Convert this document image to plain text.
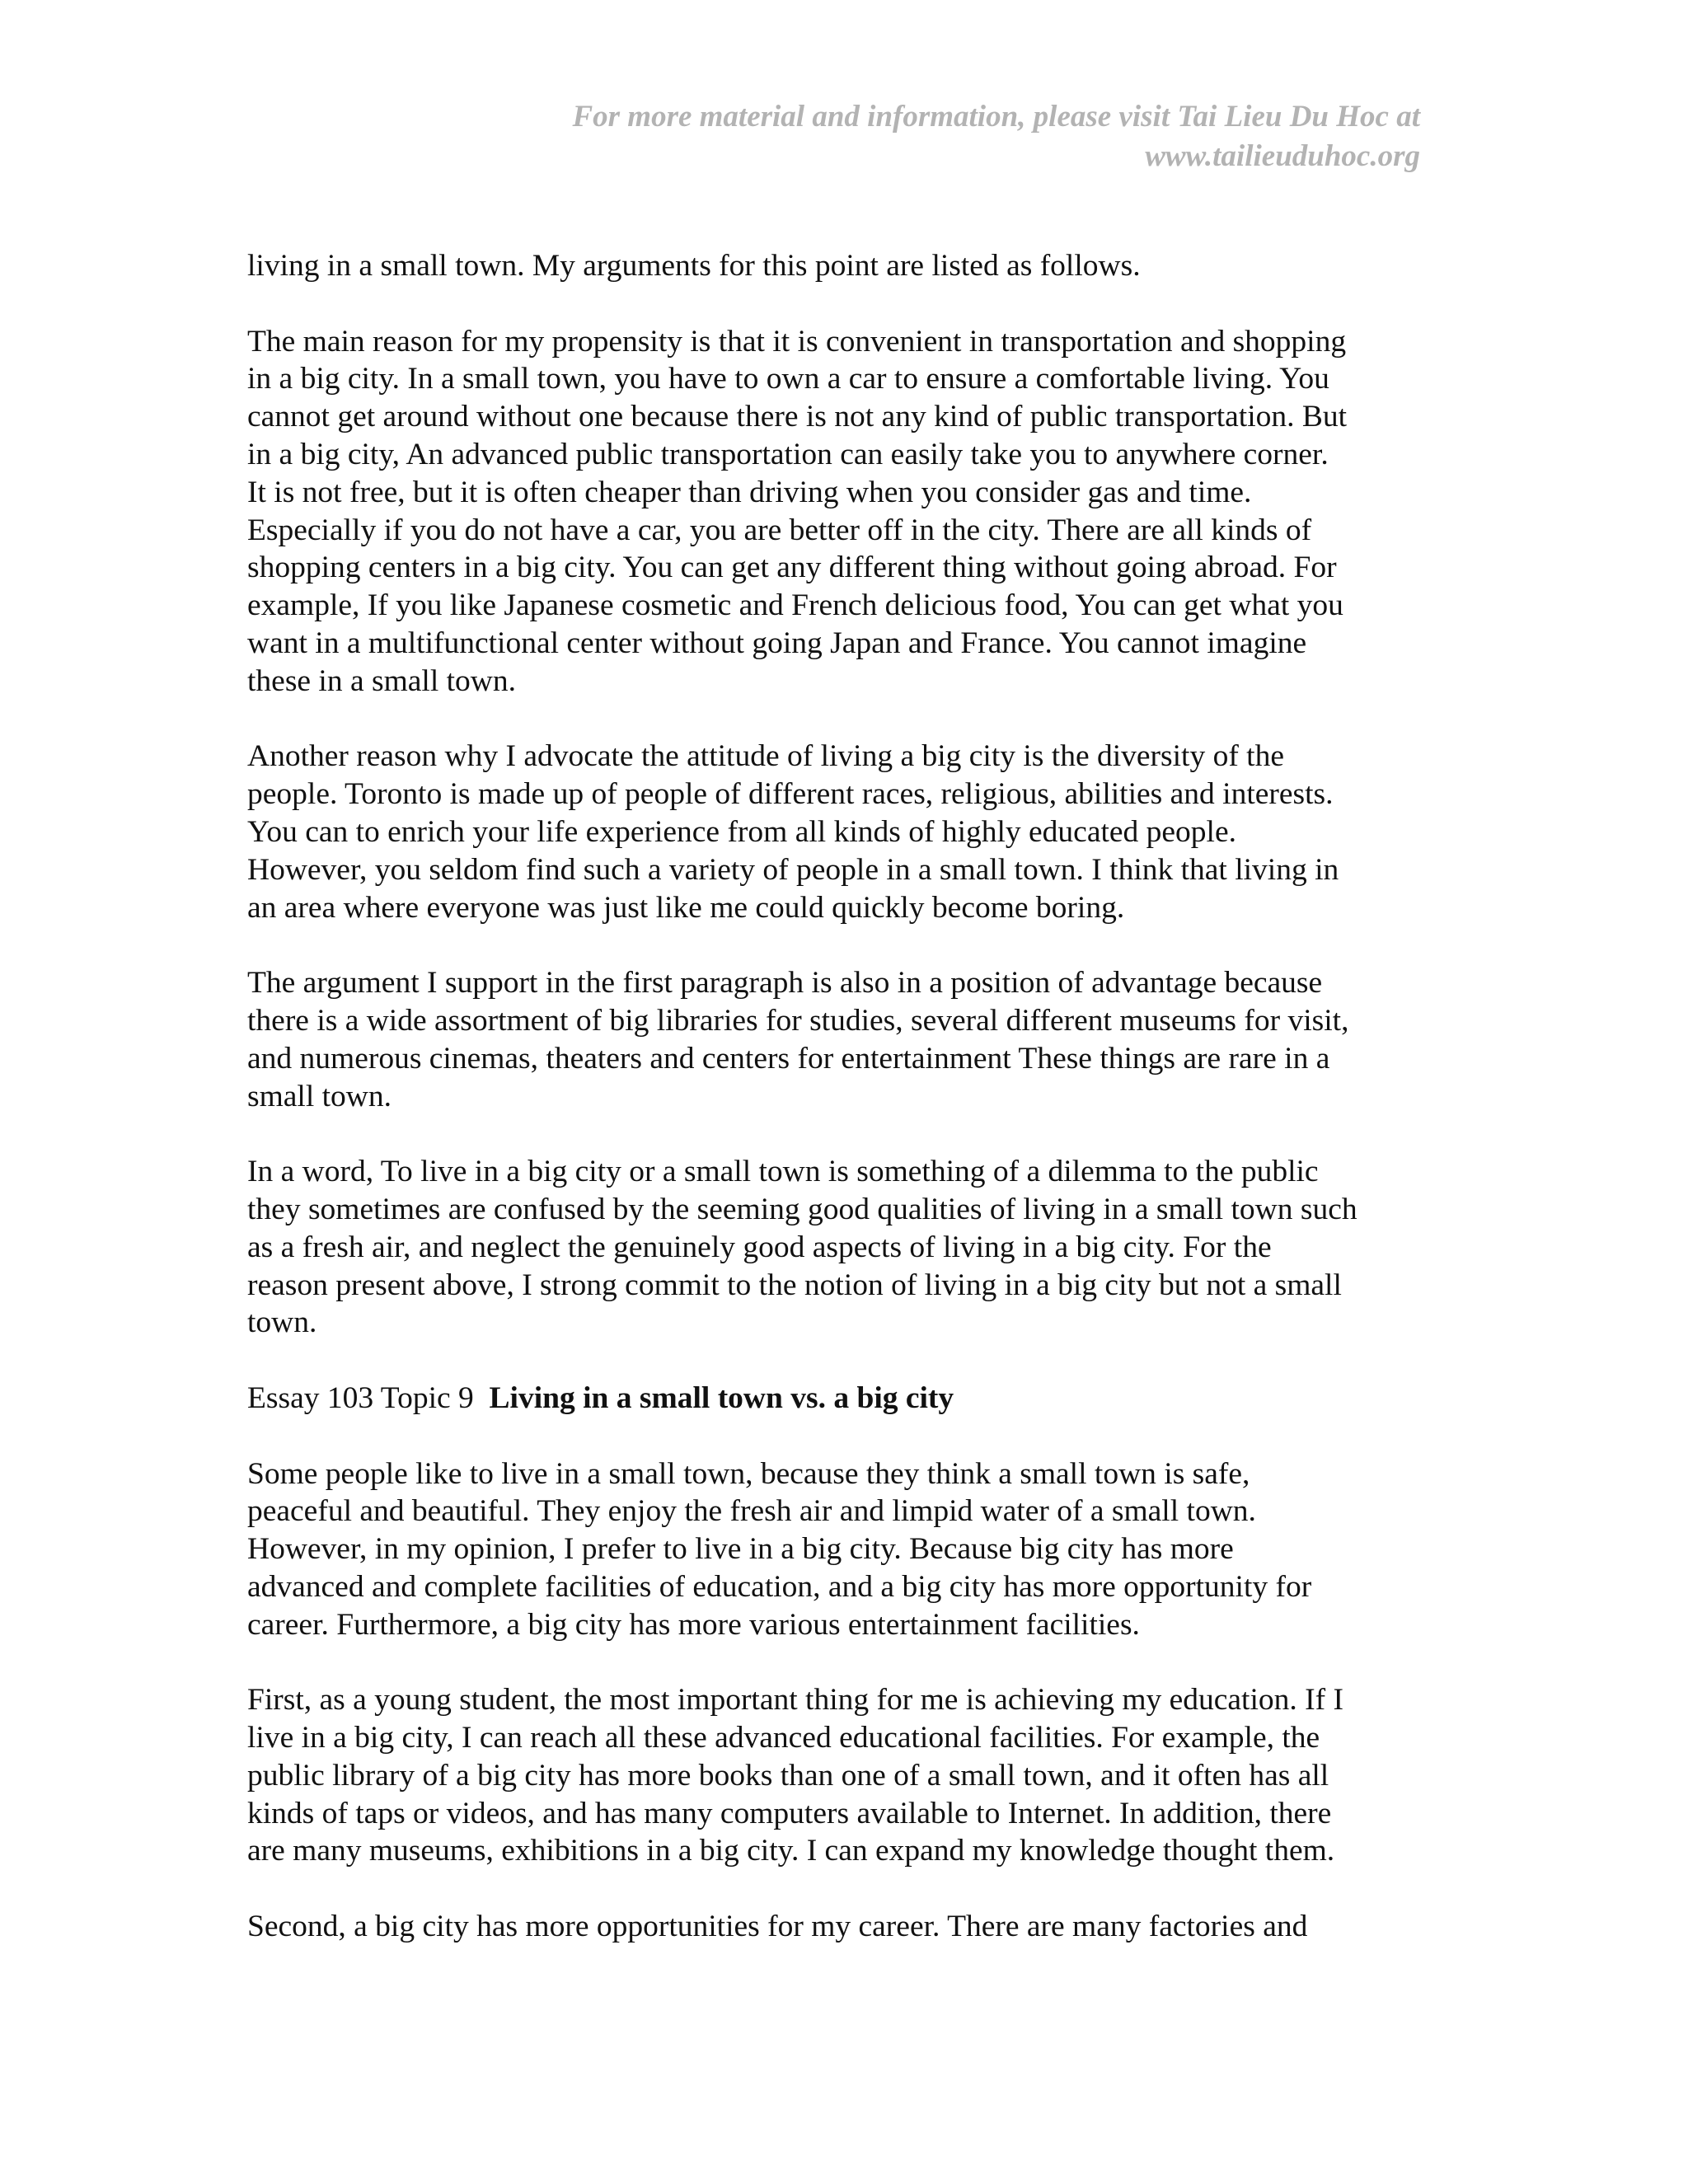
For more material and information, please visit Tai Lieu Du Hoc at
www.tailieuduhoc.org
living in a small town. My arguments for this point are listed as follows.
The main reason for my propensity is that it is convenient in transportation and shopping
in a big city. In a small town, you have to own a car to ensure a comfortable living. You
cannot get around without one because there is not any kind of public transportation. But
in a big city, An advanced public transportation can easily take you to anywhere corner.
It is not free, but it is often cheaper than driving when you consider gas and time.
Especially if you do not have a car, you are better off in the city. There are all kinds of
shopping centers in a big city. You can get any different thing without going abroad. For
example, If you like Japanese cosmetic and French delicious food, You can get what you
want in a multifunctional center without going Japan and France. You cannot imagine
these in a small town.
Another reason why I advocate the attitude of living a big city is the diversity of the
people. Toronto is made up of people of different races, religious, abilities and interests.
You can to enrich your life experience from all kinds of highly educated people.
However, you seldom find such a variety of people in a small town. I think that living in
an area where everyone was just like me could quickly become boring.
The argument I support in the first paragraph is also in a position of advantage because
there is a wide assortment of big libraries for studies, several different museums for visit,
and numerous cinemas, theaters and centers for entertainment These things are rare in a
small town.
In a word, To live in a big city or a small town is something of a dilemma to the public
they sometimes are confused by the seeming good qualities of living in a small town such
as a fresh air, and neglect the genuinely good aspects of living in a big city. For the
reason present above, I strong commit to the notion of living in a big city but not a small
town.
Essay 103 Topic 9 Living in a small town vs. a big city
Some people like to live in a small town, because they think a small town is safe,
peaceful and beautiful. They enjoy the fresh air and limpid water of a small town.
However, in my opinion, I prefer to live in a big city. Because big city has more
advanced and complete facilities of education, and a big city has more opportunity for
career. Furthermore, a big city has more various entertainment facilities.
First, as a young student, the most important thing for me is achieving my education. If I
live in a big city, I can reach all these advanced educational facilities. For example, the
public library of a big city has more books than one of a small town, and it often has all
kinds of taps or videos, and has many computers available to Internet. In addition, there
are many museums, exhibitions in a big city. I can expand my knowledge thought them.
Second, a big city has more opportunities for my career. There are many factories and
